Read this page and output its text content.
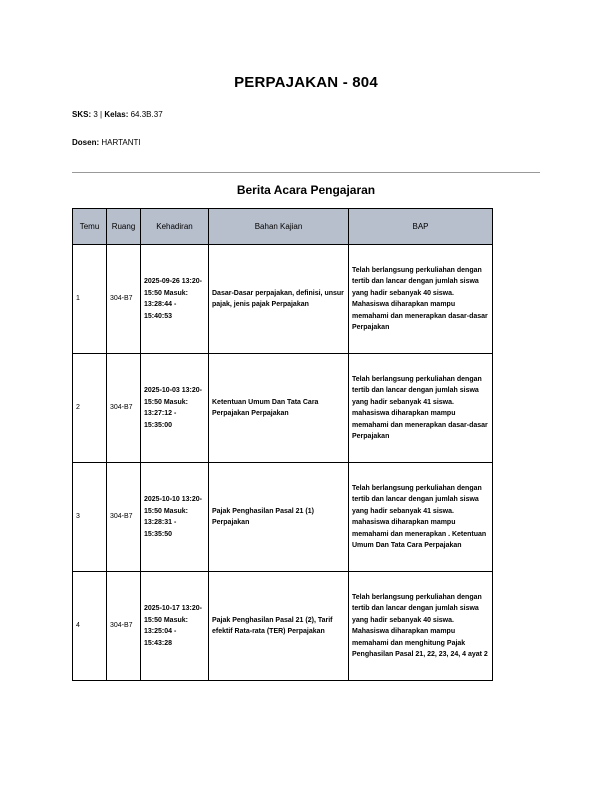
PERPAJAKAN - 804
SKS: 3 | Kelas: 64.3B.37
Dosen: HARTANTI
Berita Acara Pengajaran
Temu	Ruang	Kehadiran	Bahan Kajian	BAP
1	304-B7	2025-09-26 13:20-15:50 Masuk: 13:28:44 - 15:40:53	Dasar-Dasar perpajakan, definisi, unsur pajak, jenis pajak Perpajakan	Telah berlangsung perkuliahan dengan tertib dan lancar dengan jumlah siswa yang hadir sebanyak 40 siswa. Mahasiswa diharapkan mampu memahami dan menerapkan dasar-dasar Perpajakan
2	304-B7	2025-10-03 13:20-15:50 Masuk: 13:27:12 - 15:35:00	Ketentuan Umum Dan Tata Cara Perpajakan Perpajakan	Telah berlangsung perkuliahan dengan tertib dan lancar dengan jumlah siswa yang hadir sebanyak 41 siswa. mahasiswa diharapkan mampu memahami dan menerapkan dasar-dasar Perpajakan
3	304-B7	2025-10-10 13:20-15:50 Masuk: 13:28:31 - 15:35:50	Pajak Penghasilan Pasal 21 (1) Perpajakan	Telah berlangsung perkuliahan dengan tertib dan lancar dengan jumlah siswa yang hadir sebanyak 41 siswa. mahasiswa diharapkan mampu memahami dan menerapkan . Ketentuan Umum Dan Tata Cara Perpajakan
4	304-B7	2025-10-17 13:20-15:50 Masuk: 13:25:04 - 15:43:28	Pajak Penghasilan Pasal 21 (2), Tarif efektif Rata-rata (TER) Perpajakan	Telah berlangsung perkuliahan dengan tertib dan lancar dengan jumlah siswa yang hadir sebanyak 40 siswa. Mahasiswa diharapkan mampu memahami dan menghitung Pajak Penghasilan Pasal 21, 22, 23, 24, 4 ayat 2
